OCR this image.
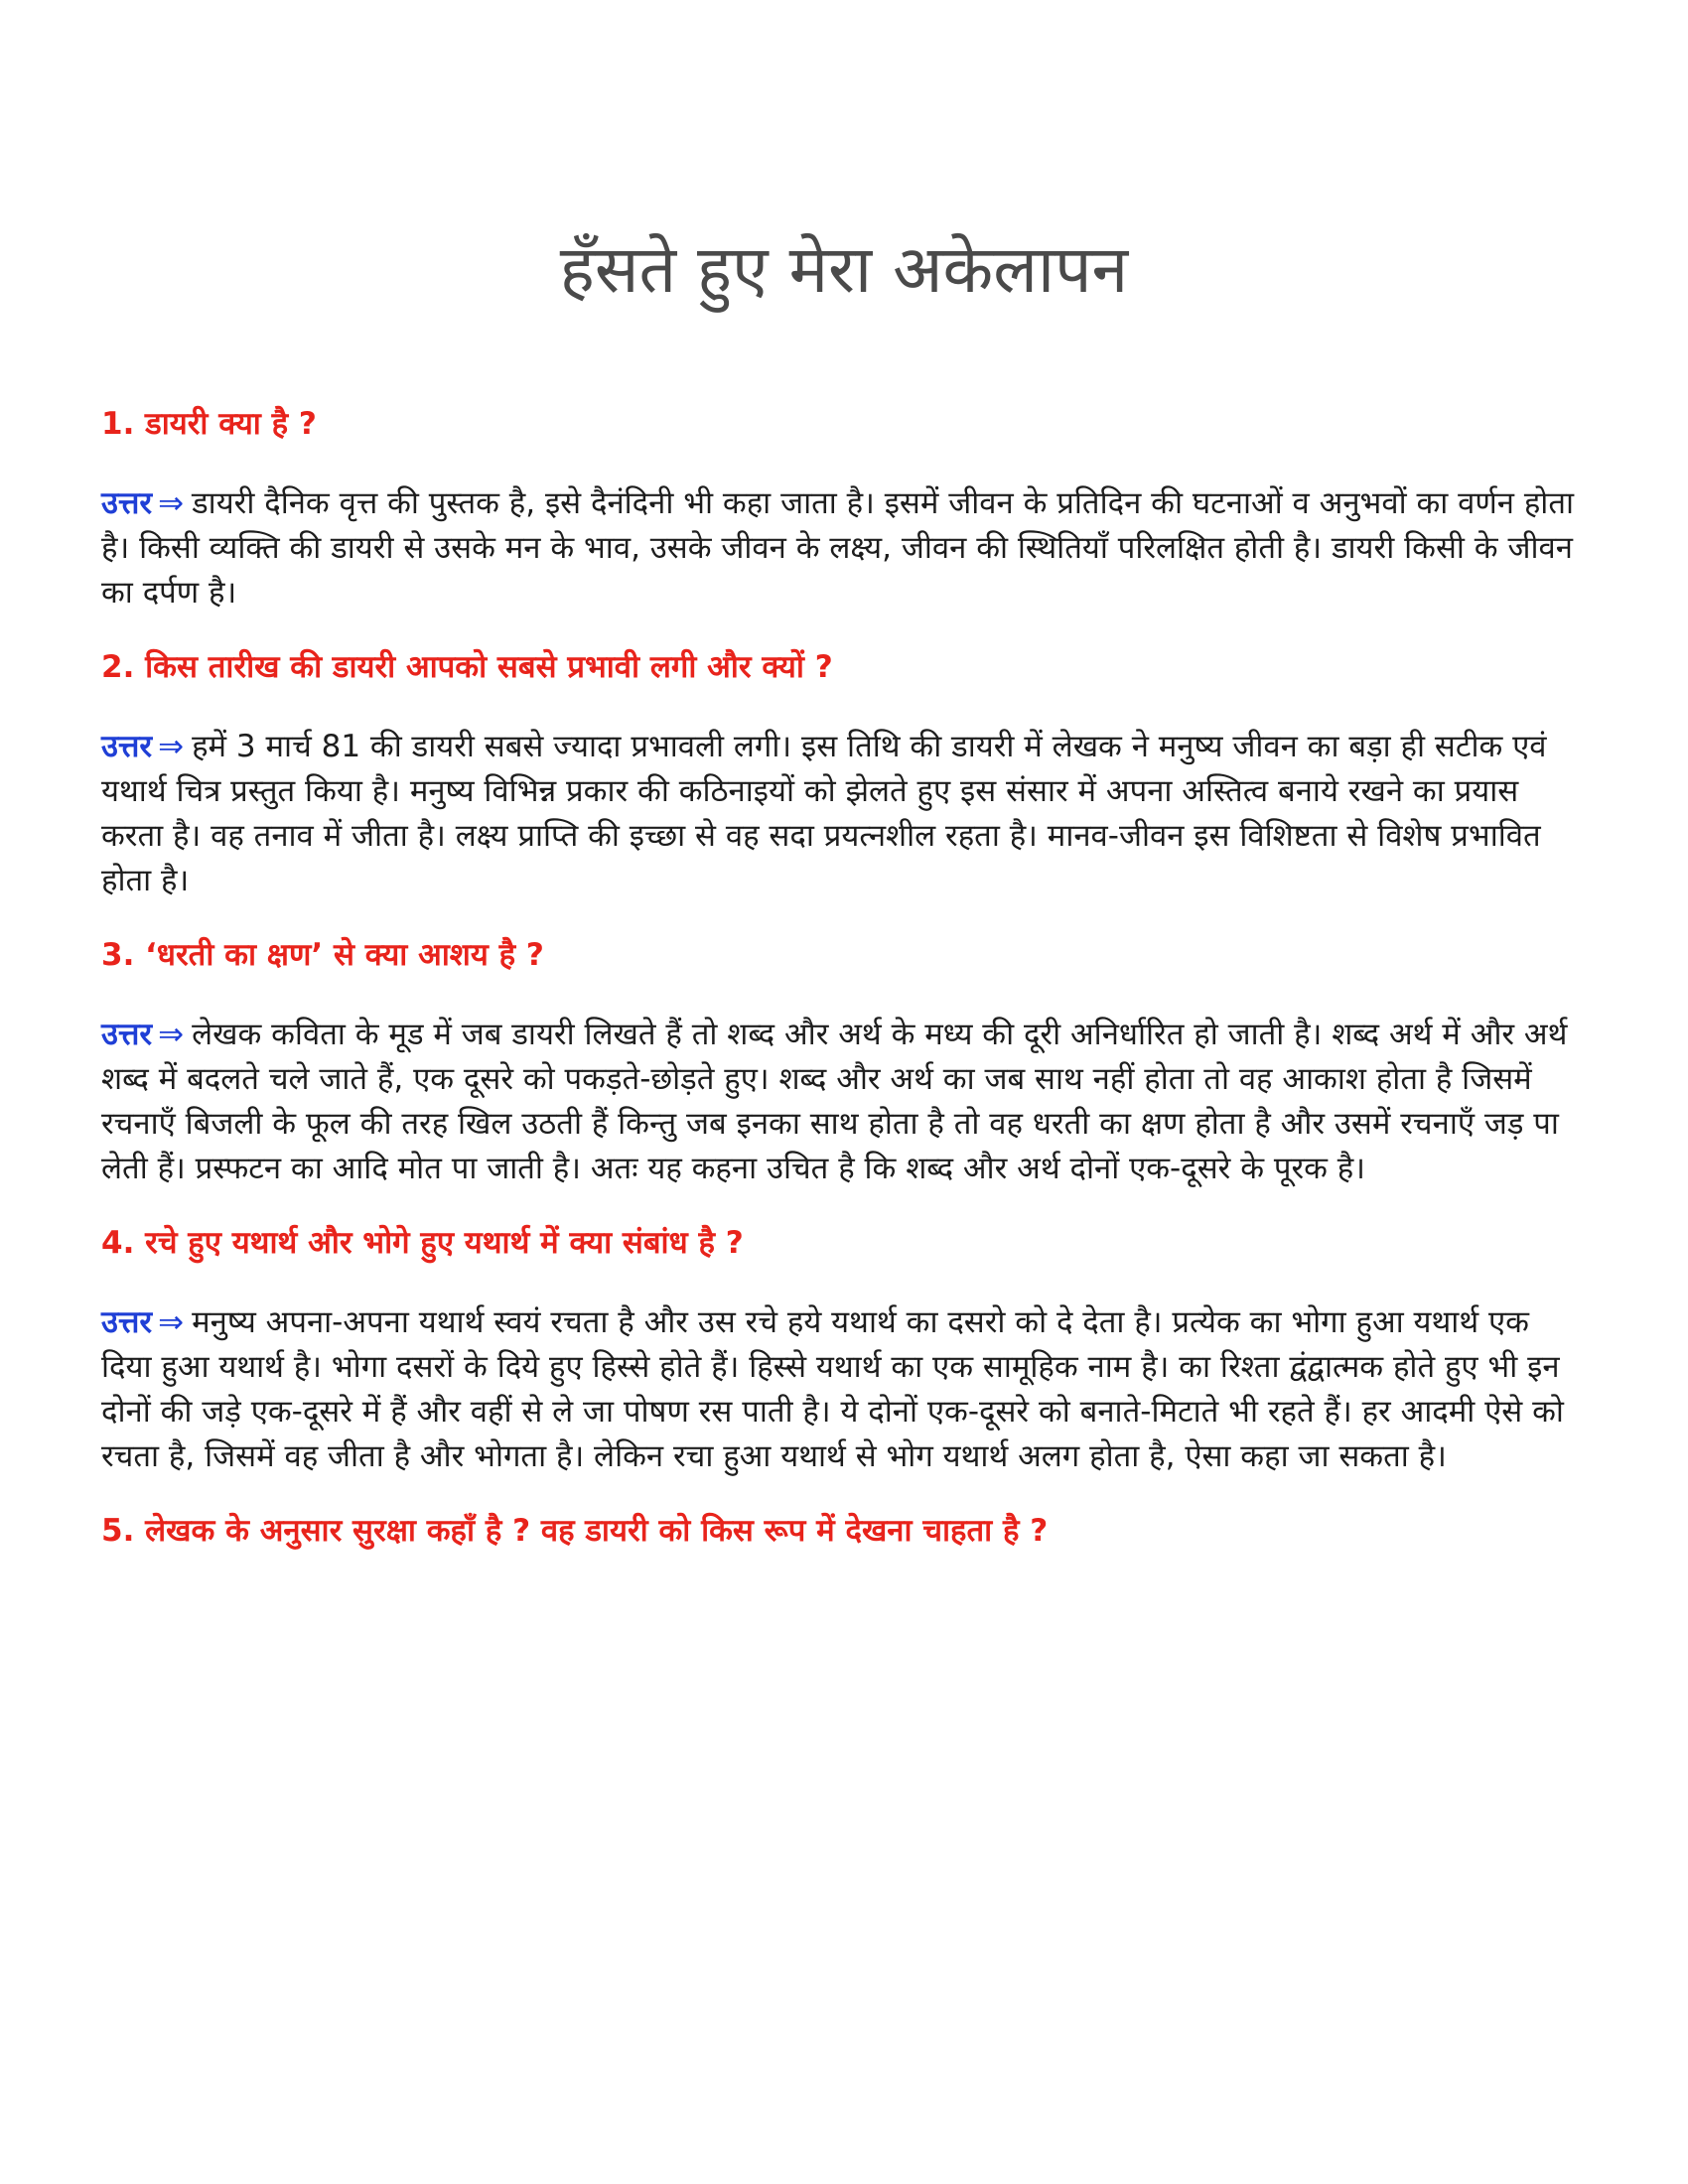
हँसते हुए मेरा अकेलापन

1. डायरी क्या है ?

उत्तर ⇒ डायरी दैनिक वृत्त की पुस्तक है, इसे दैनंदिनी भी कहा जाता है। इसमें जीवन के प्रतिदिन की घटनाओं व अनुभवों का वर्णन होता है। किसी व्यक्ति की डायरी से उसके मन के भाव, उसके जीवन के लक्ष्य, जीवन की स्थितियाँ परिलक्षित होती है। डायरी किसी के जीवन का दर्पण है।

2. किस तारीख की डायरी आपको सबसे प्रभावी लगी और क्यों ?

उत्तर ⇒ हमें 3 मार्च 81 की डायरी सबसे ज्यादा प्रभावली लगी। इस तिथि की डायरी में लेखक ने मनुष्य जीवन का बड़ा ही सटीक एवं यथार्थ चित्र प्रस्तुत किया है। मनुष्य विभिन्न प्रकार की कठिनाइयों को झेलते हुए इस संसार में अपना अस्तित्व बनाये रखने का प्रयास करता है। वह तनाव में जीता है। लक्ष्य प्राप्ति की इच्छा से वह सदा प्रयत्नशील रहता है। मानव-जीवन इस विशिष्टता से विशेष प्रभावित होता है।

3. ‘धरती का क्षण’ से क्या आशय है ?

उत्तर ⇒ लेखक कविता के मूड में जब डायरी लिखते हैं तो शब्द और अर्थ के मध्य की दूरी अनिर्धारित हो जाती है। शब्द अर्थ में और अर्थ शब्द में बदलते चले जाते हैं, एक दूसरे को पकड़ते-छोड़ते हुए। शब्द और अर्थ का जब साथ नहीं होता तो वह आकाश होता है जिसमें रचनाएँ बिजली के फूल की तरह खिल उठती हैं किन्तु जब इनका साथ होता है तो वह धरती का क्षण होता है और उसमें रचनाएँ जड़ पा लेती हैं। प्रस्फटन का आदि मोत पा जाती है। अतः यह कहना उचित है कि शब्द और अर्थ दोनों एक-दूसरे के पूरक है।

4. रचे हुए यथार्थ और भोगे हुए यथार्थ में क्या संबांध है ?

उत्तर ⇒ मनुष्य अपना-अपना यथार्थ स्वयं रचता है और उस रचे हये यथार्थ का दसरो को दे देता है। प्रत्येक का भोगा हुआ यथार्थ एक दिया हुआ यथार्थ है। भोगा दसरों के दिये हुए हिस्से होते हैं। हिस्से यथार्थ का एक सामूहिक नाम है। का रिश्ता द्वंद्वात्मक होते हुए भी इन दोनों की जड़े एक-दूसरे में हैं और वहीं से ले जा पोषण रस पाती है। ये दोनों एक-दूसरे को बनाते-मिटाते भी रहते हैं। हर आदमी ऐसे को रचता है, जिसमें वह जीता है और भोगता है। लेकिन रचा हुआ यथार्थ से भोग यथार्थ अलग होता है, ऐसा कहा जा सकता है।

5. लेखक के अनुसार सुरक्षा कहाँ है ? वह डायरी को किस रूप में देखना चाहता है ?
